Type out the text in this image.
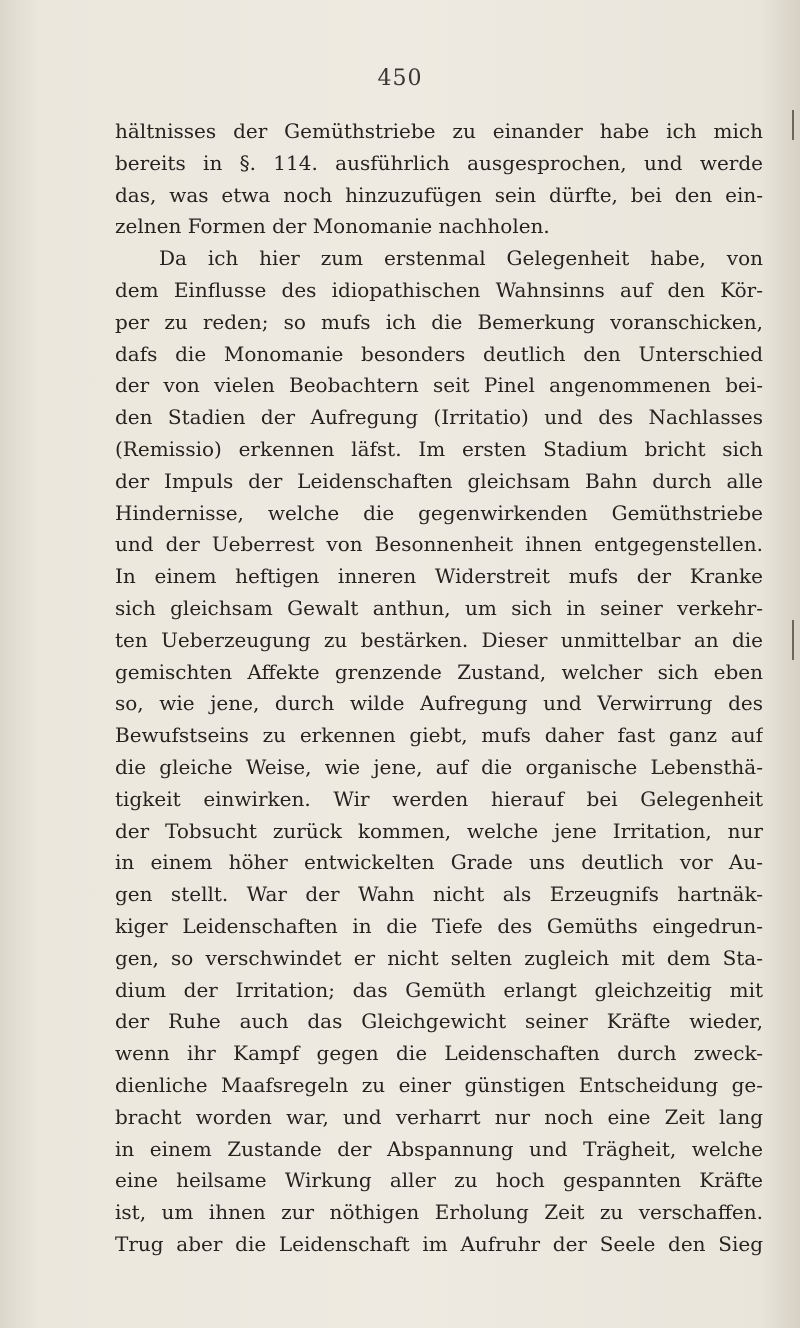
450
hältnisses der Gemüthstriebe zu einander habe ich mich
bereits in §. 114. ausführlich ausgesprochen, und werde
das, was etwa noch hinzuzufügen sein dürfte, bei den ein-
zelnen Formen der Monomanie nachholen.
Da ich hier zum erstenmal Gelegenheit habe, von
dem Einflusse des idiopathischen Wahnsinns auf den Kör-
per zu reden; so mufs ich die Bemerkung voranschicken,
dafs die Monomanie besonders deutlich den Unterschied
der von vielen Beobachtern seit Pinel angenommenen bei-
den Stadien der Aufregung (Irritatio) und des Nachlasses
(Remissio) erkennen läfst. Im ersten Stadium bricht sich
der Impuls der Leidenschaften gleichsam Bahn durch alle
Hindernisse, welche die gegenwirkenden Gemüthstriebe
und der Ueberrest von Besonnenheit ihnen entgegenstellen.
In einem heftigen inneren Widerstreit mufs der Kranke
sich gleichsam Gewalt anthun, um sich in seiner verkehr-
ten Ueberzeugung zu bestärken. Dieser unmittelbar an die
gemischten Affekte grenzende Zustand, welcher sich eben
so, wie jene, durch wilde Aufregung und Verwirrung des
Bewufstseins zu erkennen giebt, mufs daher fast ganz auf
die gleiche Weise, wie jene, auf die organische Lebensthä-
tigkeit einwirken. Wir werden hierauf bei Gelegenheit
der Tobsucht zurück kommen, welche jene Irritation, nur
in einem höher entwickelten Grade uns deutlich vor Au-
gen stellt. War der Wahn nicht als Erzeugnifs hartnäk-
kiger Leidenschaften in die Tiefe des Gemüths eingedrun-
gen, so verschwindet er nicht selten zugleich mit dem Sta-
dium der Irritation; das Gemüth erlangt gleichzeitig mit
der Ruhe auch das Gleichgewicht seiner Kräfte wieder,
wenn ihr Kampf gegen die Leidenschaften durch zweck-
dienliche Maafsregeln zu einer günstigen Entscheidung ge-
bracht worden war, und verharrt nur noch eine Zeit lang
in einem Zustande der Abspannung und Trägheit, welche
eine heilsame Wirkung aller zu hoch gespannten Kräfte
ist, um ihnen zur nöthigen Erholung Zeit zu verschaffen.
Trug aber die Leidenschaft im Aufruhr der Seele den Sieg
